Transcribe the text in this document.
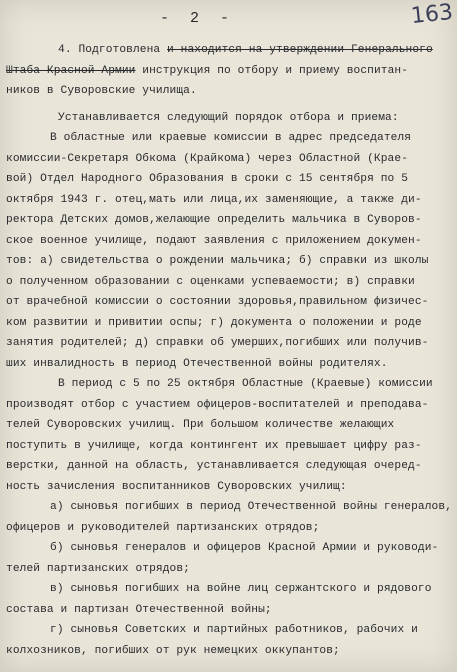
- 2 -	163
4. Подготовлена и находится на утверждении Генерального
Штаба Красной Армии инструкция по отбору и приему воспитан-
ников в Суворовские училища.
Устанавливается следующий порядок отбора и приема:
В областные или краевые комиссии в адрес председателя
комиссии-Секретаря Обкома (Крайкома) через Областной (Крае-
вой) Отдел Народного Образования в сроки с 15 сентября по 5
октября 1943 г. отец,мать или лица,их заменяющие, а также ди-
ректора Детских домов,желающие определить мальчика в Суворов-
ское военное училище, подают заявления с приложением докумен-
тов: а) свидетельства о рождении мальчика; б) справки из школы
о полученном образовании с оценками успеваемости; в) справки
от врачебной комиссии о состоянии здоровья,правильном физичес-
ком развитии и привитии оспы; г) документа о положении и роде
занятия родителей; д) справки об умерших,погибших или получив-
ших инвалидность в период Отечественной войны родителях.
В период с 5 по 25 октября Областные (Краевые) комиссии
производят отбор с участием офицеров-воспитателей и преподава-
телей Суворовских училищ. При большом количестве желающих
поступить в училище, когда контингент их превышает цифру раз-
верстки, данной на область, устанавливается следующая очеред-
ность зачисления воспитанников Суворовских училищ:
а) сыновья погибших в период Отечественной войны генералов,
офицеров и руководителей партизанских отрядов;
б) сыновья генералов и офицеров Красной Армии и руководи-
телей партизанских отрядов;
в) сыновья погибших на войне лиц сержантского и рядового
состава и партизан Отечественной войны;
г) сыновья Советских и партийных работников, рабочих и
колхозников, погибших от рук немецких оккупантов;
